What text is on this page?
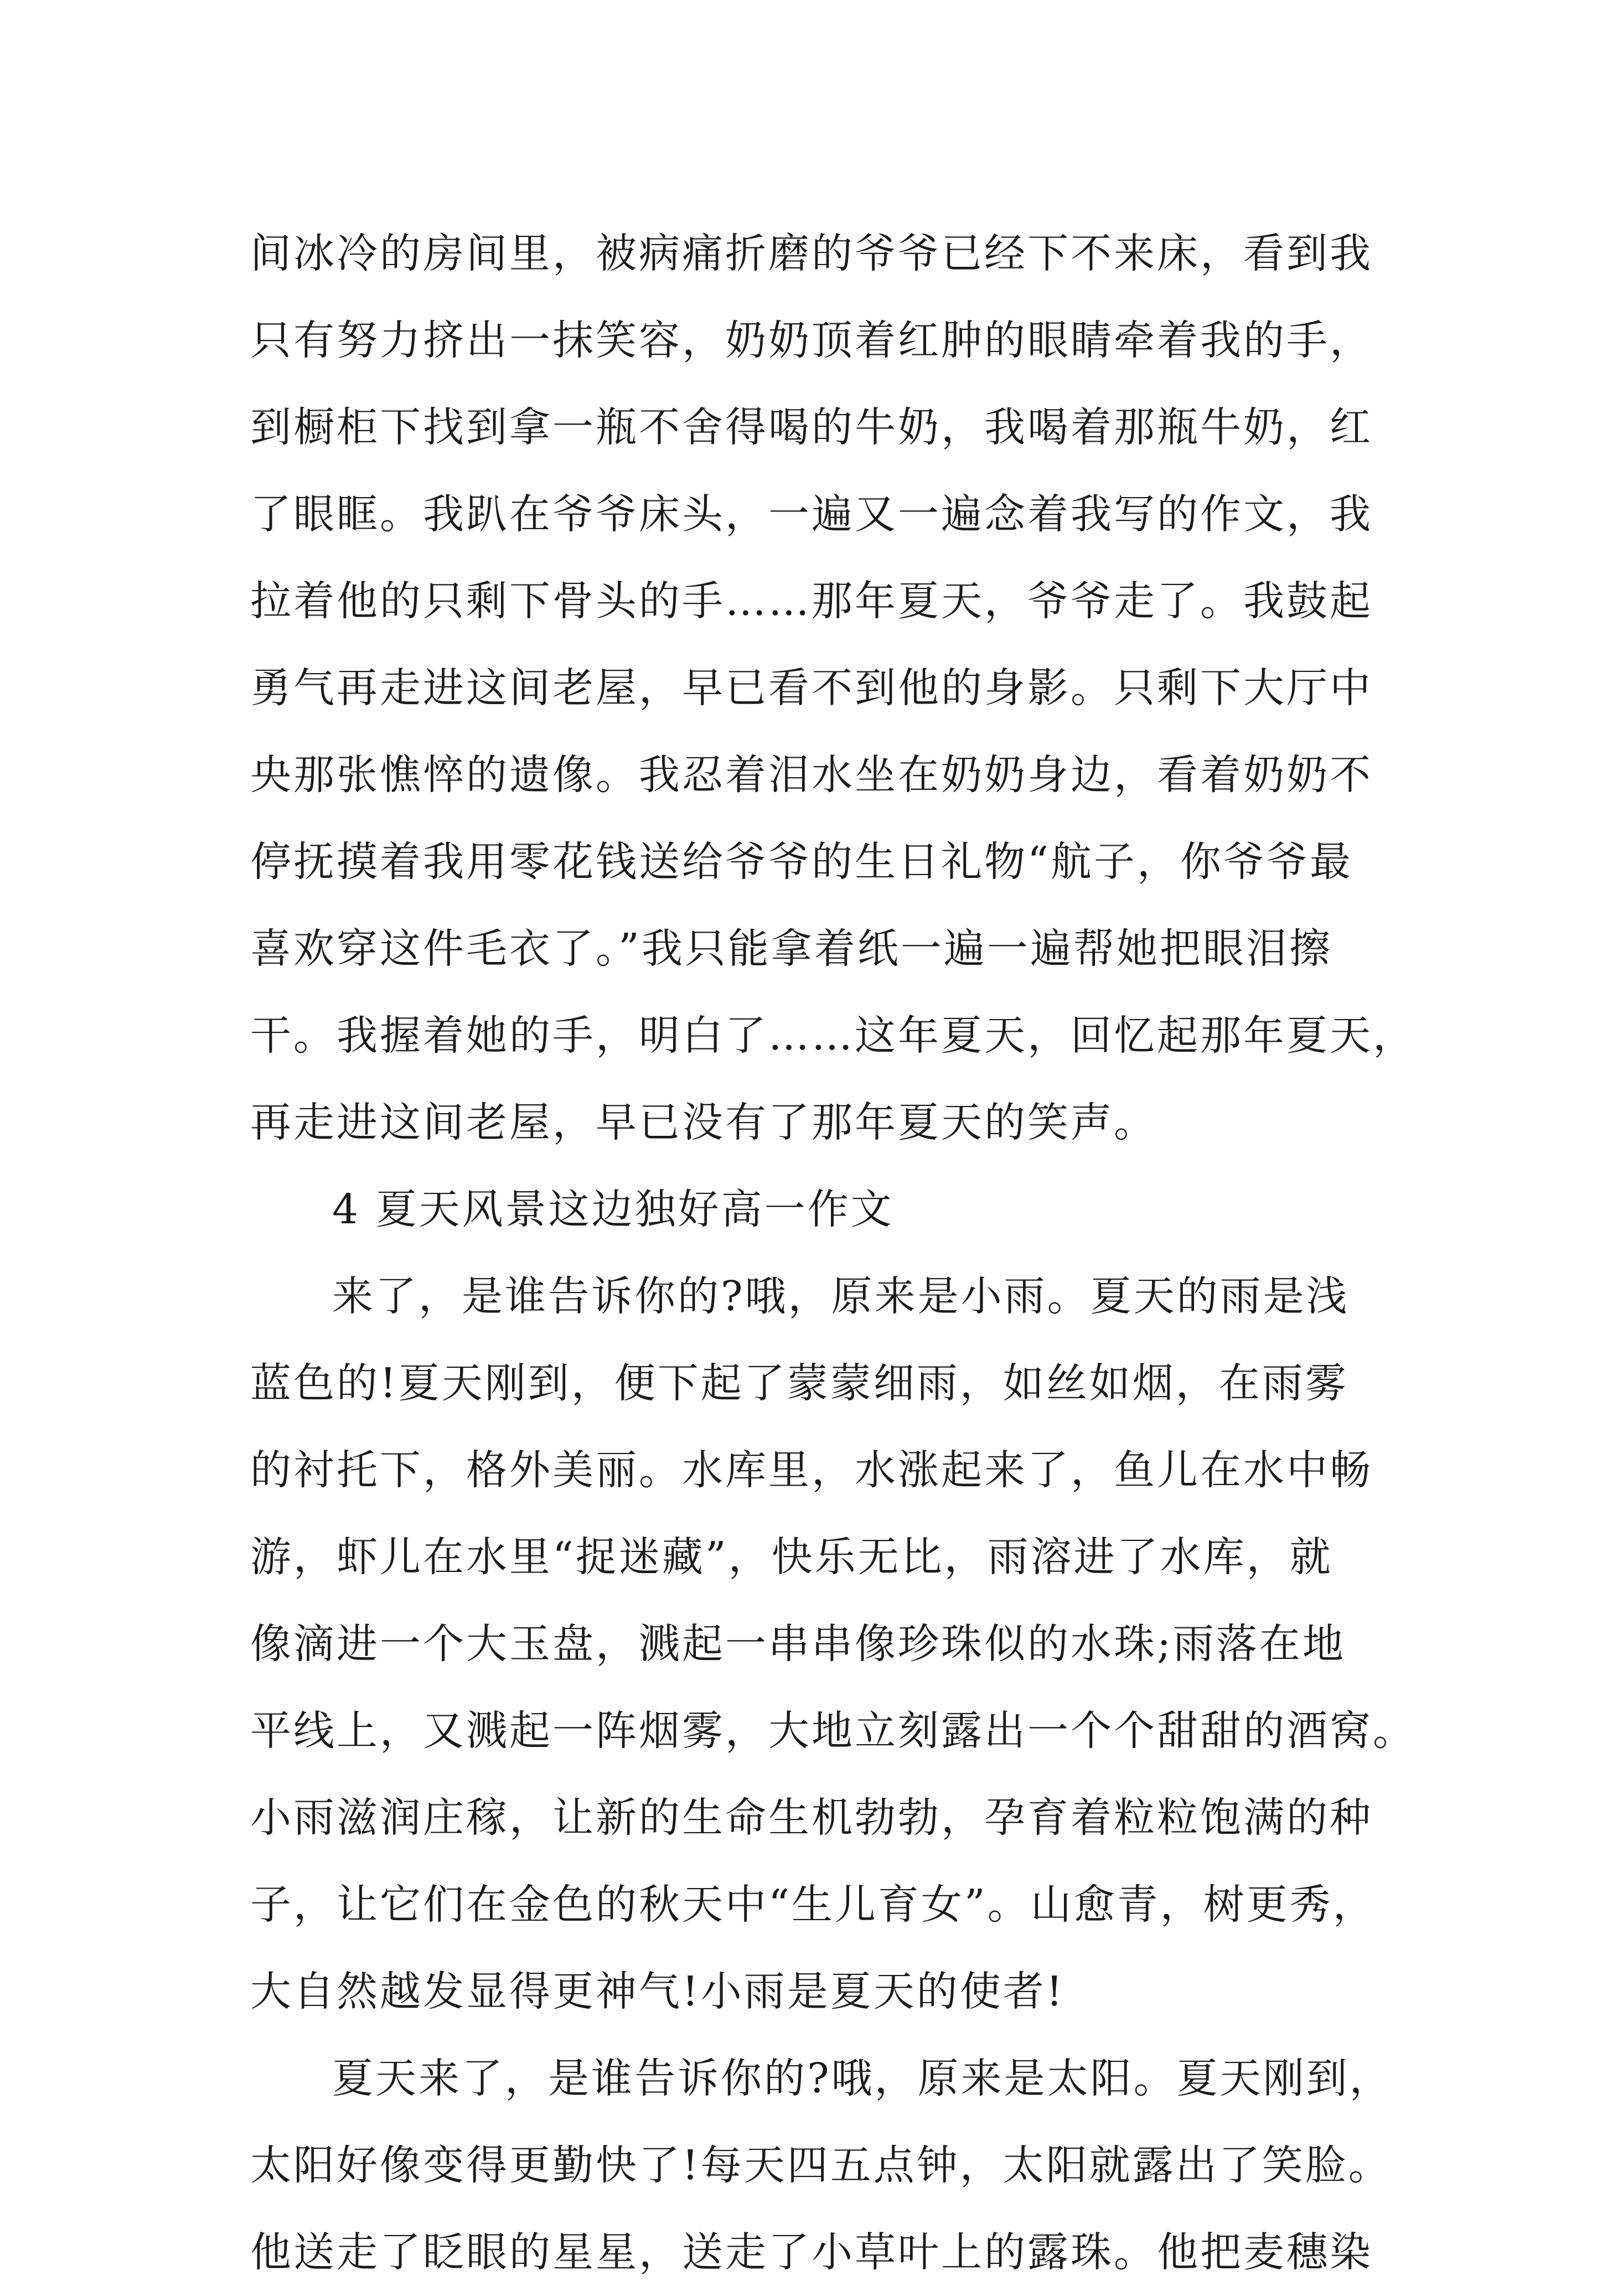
间冰冷的房间里，被病痛折磨的爷爷已经下不来床，看到我
只有努力挤出一抹笑容，奶奶顶着红肿的眼睛牵着我的手，
到橱柜下找到拿一瓶不舍得喝的牛奶，我喝着那瓶牛奶，红
了眼眶。我趴在爷爷床头，一遍又一遍念着我写的作文，我
拉着他的只剩下骨头的手……那年夏天，爷爷走了。我鼓起
勇气再走进这间老屋，早已看不到他的身影。只剩下大厅中
央那张憔悴的遗像。我忍着泪水坐在奶奶身边，看着奶奶不
停抚摸着我用零花钱送给爷爷的生日礼物“航子，你爷爷最
喜欢穿这件毛衣了。”我只能拿着纸一遍一遍帮她把眼泪擦
干。我握着她的手，明白了……这年夏天，回忆起那年夏天，
再走进这间老屋，早已没有了那年夏天的笑声。
4 夏天风景这边独好高一作文
来了，是谁告诉你的?哦，原来是小雨。夏天的雨是浅
蓝色的!夏天刚到，便下起了蒙蒙细雨，如丝如烟，在雨雾
的衬托下，格外美丽。水库里，水涨起来了，鱼儿在水中畅
游，虾儿在水里“捉迷藏”，快乐无比，雨溶进了水库，就
像滴进一个大玉盘，溅起一串串像珍珠似的水珠;雨落在地
平线上，又溅起一阵烟雾，大地立刻露出一个个甜甜的酒窝。
小雨滋润庄稼，让新的生命生机勃勃，孕育着粒粒饱满的种
子，让它们在金色的秋天中“生儿育女”。山愈青，树更秀，
大自然越发显得更神气!小雨是夏天的使者!
夏天来了，是谁告诉你的?哦，原来是太阳。夏天刚到，
太阳好像变得更勤快了!每天四五点钟，太阳就露出了笑脸。
他送走了眨眼的星星，送走了小草叶上的露珠。他把麦穗染
